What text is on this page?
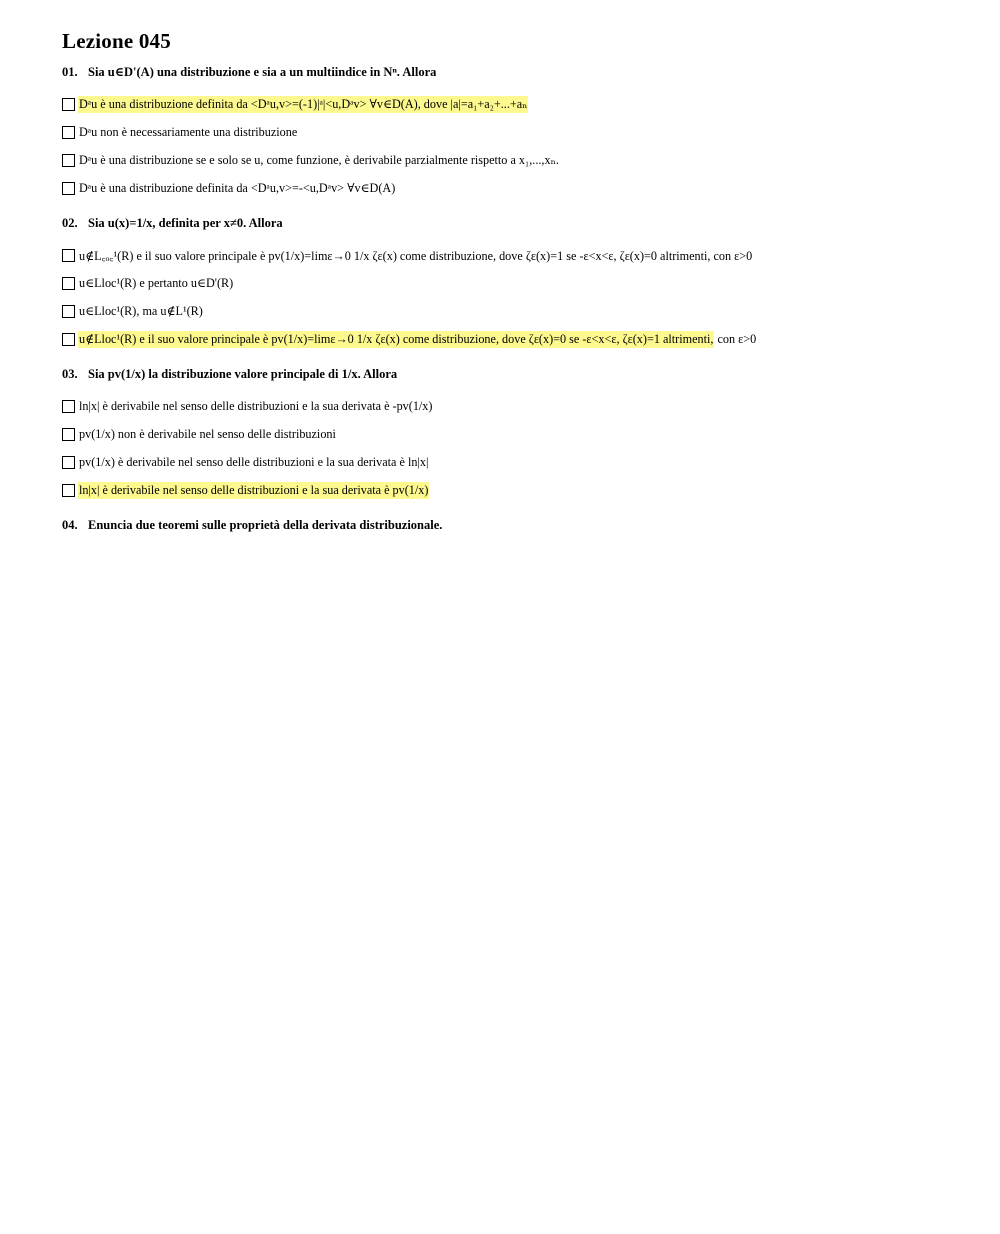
Lezione 045
01. Sia u∈D'(A) una distribuzione e sia a un multiindice in Nⁿ. Allora
Dᵃu è una distribuzione definita da <Dᵃu,v>=(-1)|ᵃ|<u,Dᵃv> ∀v∈D(A), dove |a|=a₁+a₂+...+aₙ
Dᵃu non è necessariamente una distribuzione
Dᵃu è una distribuzione se e solo se u, come funzione, è derivabile parzialmente rispetto a x₁,...,xₙ.
Dᵃu è una distribuzione definita da <Dᵃu,v>=-<u,Dᵃv> ∀v∈D(A)
02. Sia u(x)=1/x, definita per x≠0. Allora
u∉L꜀ₒ꜀¹(R) e il suo valore principale è pv(1/x)=limε→0 1/x ζε(x) come distribuzione, dove ζε(x)=1 se -ε<x<ε, ζε(x)=0 altrimenti, con ε>0
u∈Lloc¹(R) e pertanto u∈D'(R)
u∈Lloc¹(R), ma u∉L¹(R)
u∉Lloc¹(R) e il suo valore principale è pv(1/x)=limε→0 1/x ζε(x) come distribuzione, dove ζε(x)=0 se -ε<x<ε, ζε(x)=1 altrimenti, con ε>0
03. Sia pv(1/x) la distribuzione valore principale di 1/x. Allora
ln|x| è derivabile nel senso delle distribuzioni e la sua derivata è -pv(1/x)
pv(1/x) non è derivabile nel senso delle distribuzioni
pv(1/x) è derivabile nel senso delle distribuzioni e la sua derivata è ln|x|
ln|x| è derivabile nel senso delle distribuzioni e la sua derivata è pv(1/x)
04. Enuncia due teoremi sulle proprietà della derivata distribuzionale.
